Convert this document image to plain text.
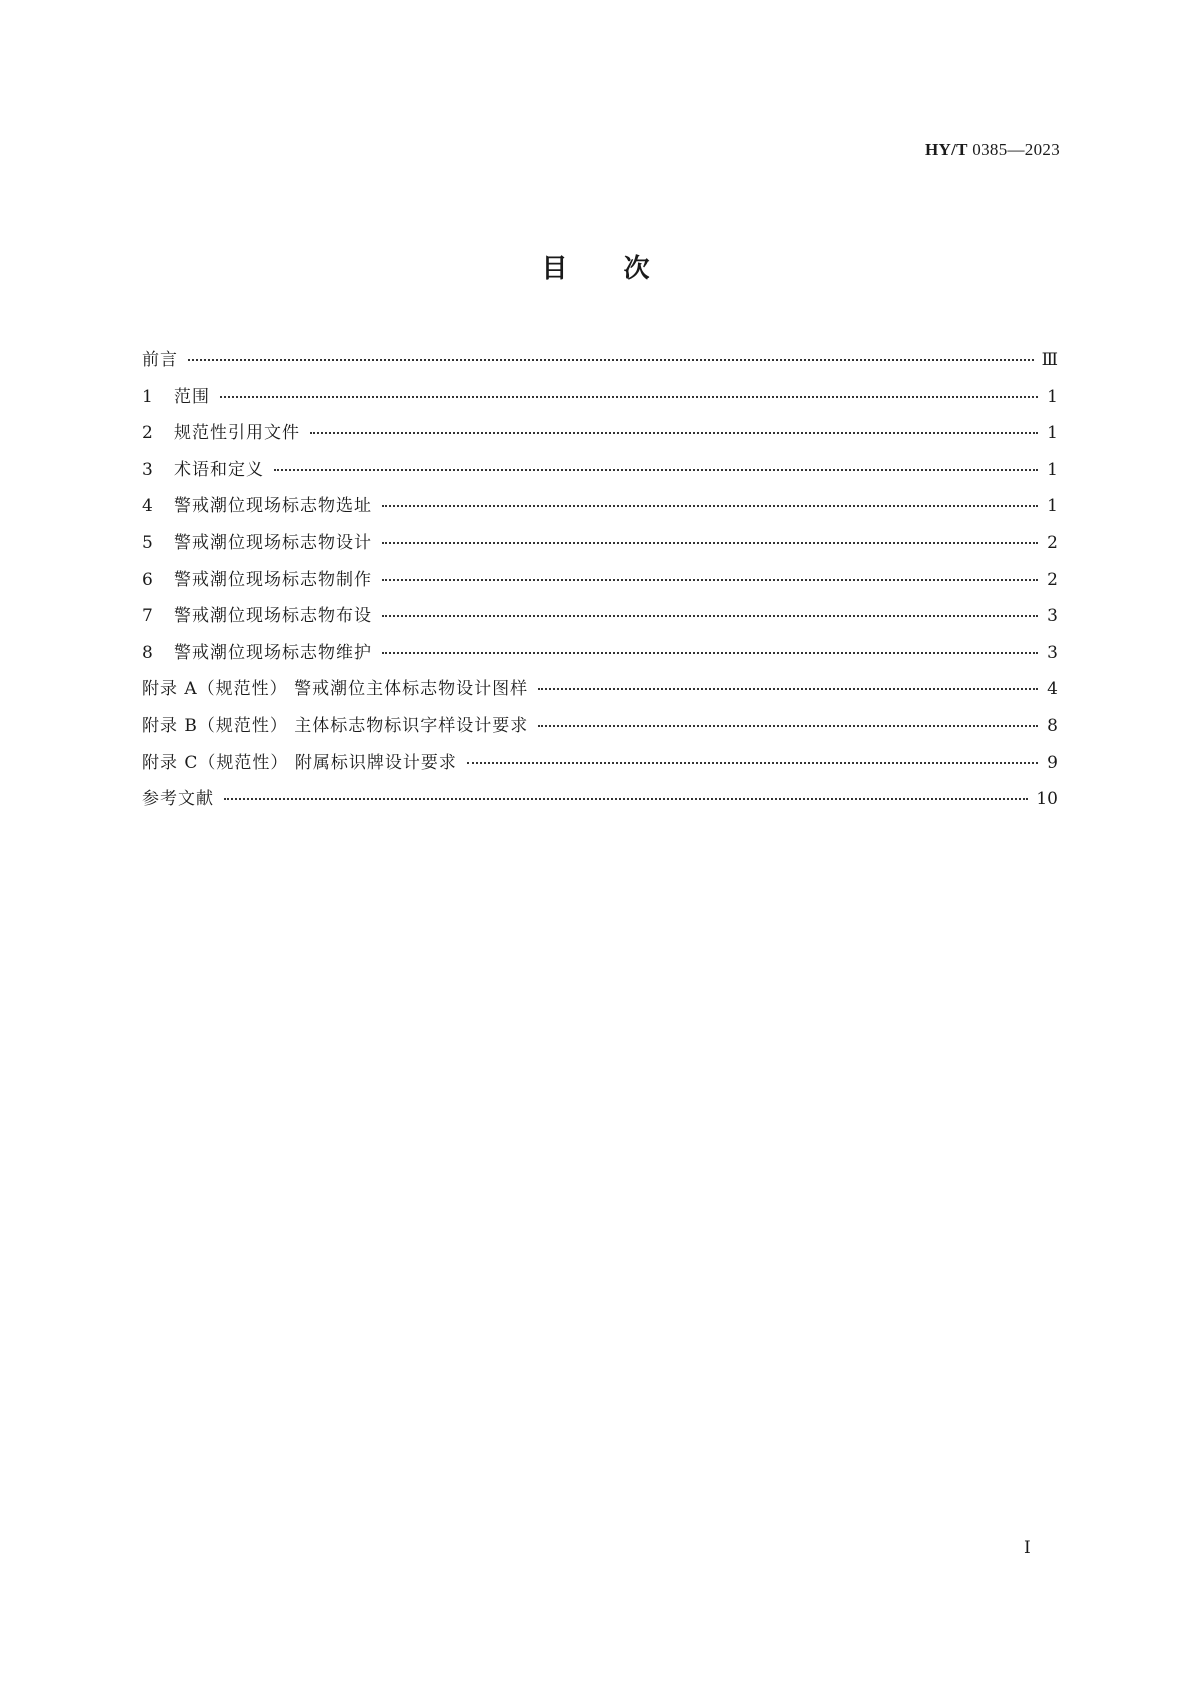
HY/T 0385—2023
目次
前言	Ⅲ
1	范围	1
2	规范性引用文件	1
3	术语和定义	1
4	警戒潮位现场标志物选址	1
5	警戒潮位现场标志物设计	2
6	警戒潮位现场标志物制作	2
7	警戒潮位现场标志物布设	3
8	警戒潮位现场标志物维护	3
附录 A（规范性） 警戒潮位主体标志物设计图样	4
附录 B（规范性） 主体标志物标识字样设计要求	8
附录 C（规范性） 附属标识牌设计要求	9
参考文献	10
Ⅰ
